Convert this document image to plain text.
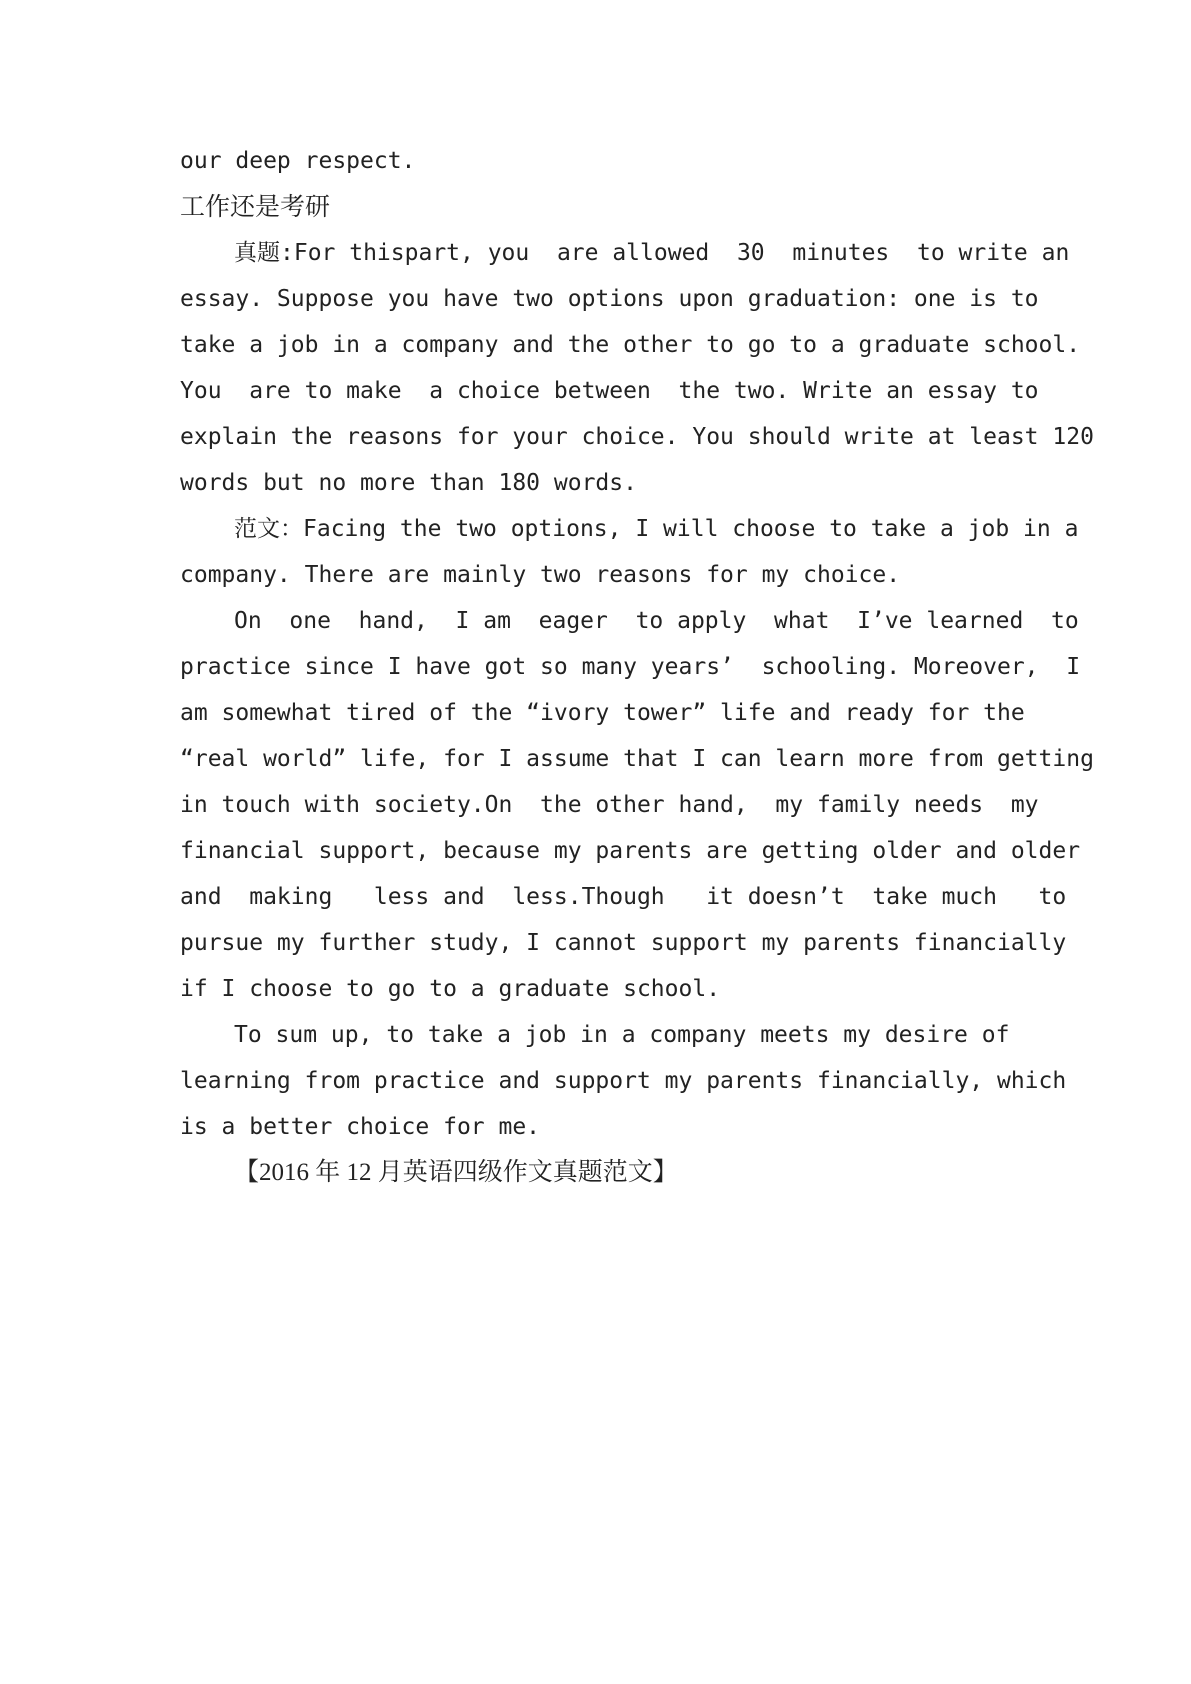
our deep respect.

工作还是考研

真题:For thispart, you  are allowed  30  minutes  to write an

essay. Suppose you have two options upon graduation: one is to

take a job in a company and the other to go to a graduate school.

You  are to make  a choice between  the two. Write an essay to

explain the reasons for your choice. You should write at least 120

words but no more than 180 words.

范文：Facing the two options, I will choose to take a job in a

company. There are mainly two reasons for my choice.

On  one  hand,  I am  eager  to apply  what  I’ve learned  to

practice since I have got so many years’  schooling. Moreover,  I

am somewhat tired of the “ivory tower” life and ready for the

“real world” life, for I assume that I can learn more from getting

in touch with society.On  the other hand,  my family needs  my

financial support, because my parents are getting older and older

and  making   less and  less.Though   it doesn’t  take much   to

pursue my further study, I cannot support my parents financially

if I choose to go to a graduate school.

To sum up, to take a job in a company meets my desire of

learning from practice and support my parents financially, which

is a better choice for me.

【2016 年 12 月英语四级作文真题范文】
